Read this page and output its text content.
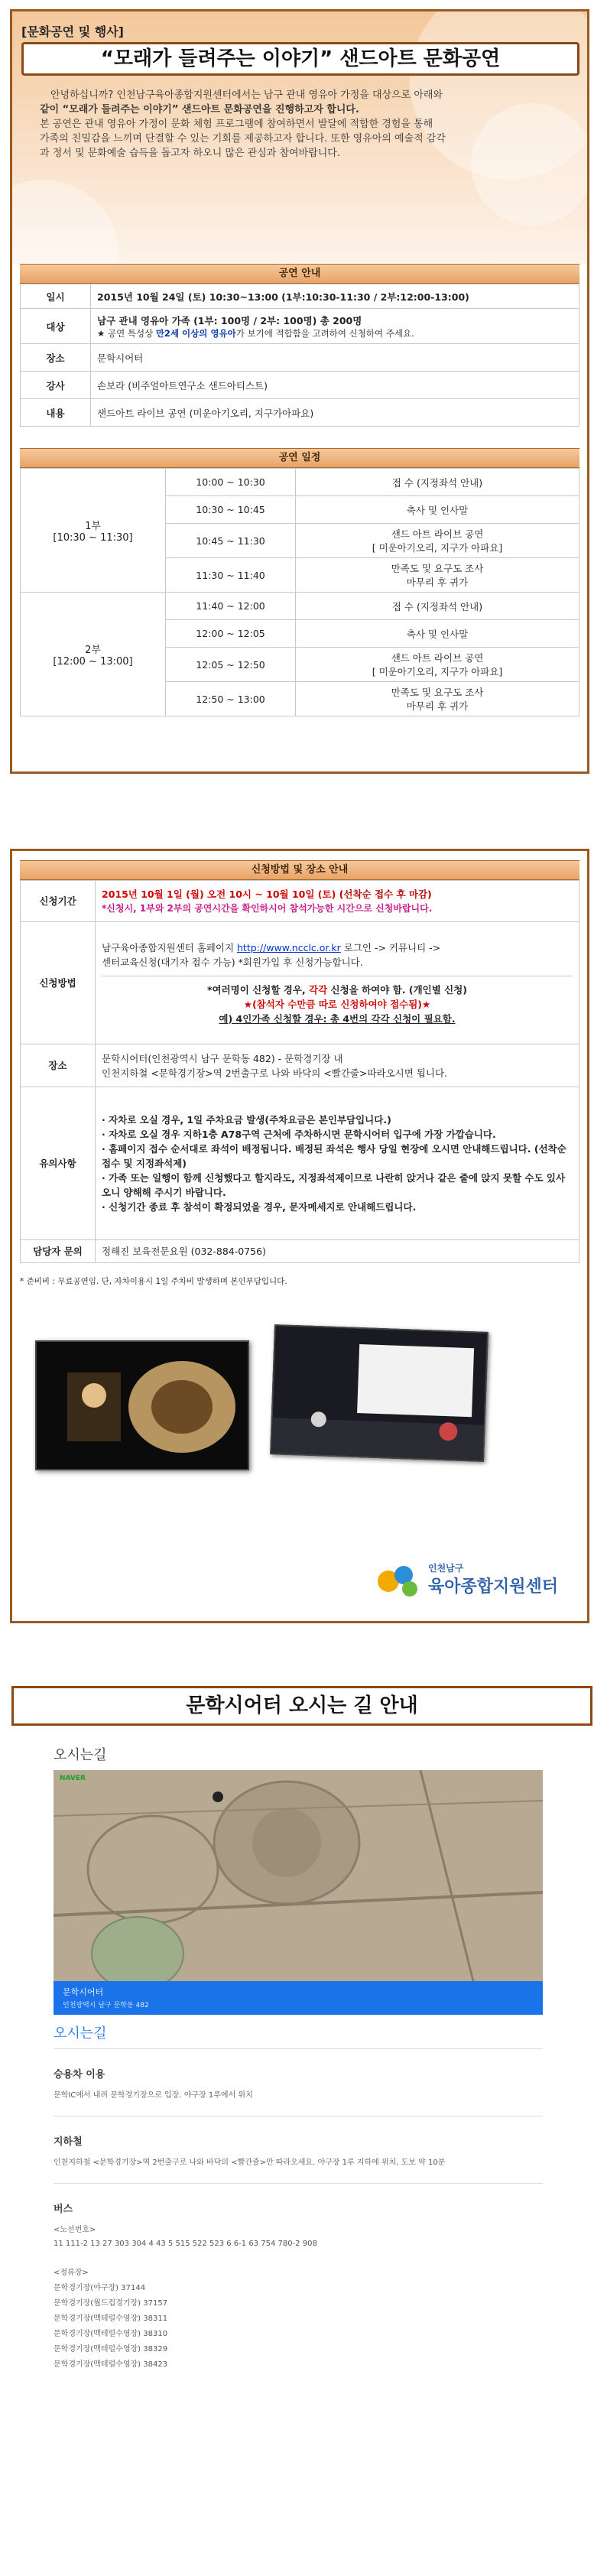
[문화공연 및 행사]
“모래가 들려주는 이야기” 샌드아트 문화공연

안녕하십니까? 인천남구육아종합지원센터에서는 남구 관내 영유아 가정을 대상으로 아래와

같이 “모래가 들려주는 이야기” 샌드아트 문화공연을 진행하고자 합니다.
본 공연은 관내 영유아 가정이 문화 체험 프로그램에 참여하면서 발달에 적합한 경험을 통해
가족의 친밀감을 느끼며 단결할 수 있는 기회를 제공하고자 합니다. 또한 영유아의 예술적 감각
과 정서 및 문화예술 습득을 돕고자 하오니 많은 관심과 참여바랍니다.
공연 안내
일시	2015년 10월 24일 (토) 10:30~13:00 (1부:10:30-11:30 / 2부:12:00-13:00)
대상	남구 관내 영유아 가족 (1부: 100명 / 2부: 100명) 총 200명
★ 공연 특성상 만2세 이상의 영유아가 보기에 적합함을 고려하여 신청하여 주세요.

장소	문학시어터
강사	손보라 (비주얼아트연구소 샌드아티스트)
내용	샌드아트 라이브 공연 (미운아기오리, 지구가아파요)
공연 일정
1부
[10:30 ~ 11:30]	10:00 ~ 10:30	접 수 (지정좌석 안내)
	10:30 ~ 10:45	축사 및 인사말
	10:45 ~ 11:30	샌드 아트 라이브 공연
[ 미운아기오리, 지구가 아파요]

	11:30 ~ 11:40	만족도 및 요구도 조사
마무리 후 귀가

2부
[12:00 ~ 13:00]	11:40 ~ 12:00	접 수 (지정좌석 안내)
	12:00 ~ 12:05	축사 및 인사말
	12:05 ~ 12:50	샌드 아트 라이브 공연
[ 미운아기오리, 지구가 아파요]

	12:50 ~ 13:00	만족도 및 요구도 조사
마무리 후 귀가
신청방법 및 장소 안내
신청기간	2015년 10월 1일 (월) 오전 10시 ~ 10월 10일 (토) (선착순 접수 후 마감)
*신청시, 1부와 2부의 공연시간을 확인하시어 참석가능한 시간으로 신청바랍니다.

신청방법	남구육아종합지원센터 홈페이지 http://www.ncclc.or.kr 로그인 -> 커뮤니티 ->
센터교육신청(대기자 접수 가능) *회원가입 후 신청가능합니다.
*여러명이 신청할 경우, 각각 신청을 하여야 함. (개인별 신청)
★(참석자 수만큼 따로 신청하여야 접수됨)★
예) 4인가족 신청할 경우: 총 4번의 각각 신청이 필요함.

장소	문학시어터(인천광역시 남구 문학동 482) - 문학경기장 내
인천지하철 <문학경기장>역 2번출구로 나와 바닥의 <빨간줄>따라오시면 됩니다.

유의사항	· 자차로 오실 경우, 1일 주차요금 발생(주차요금은 본인부담입니다.)
· 자차로 오실 경우 지하1층 A78구역 근처에 주차하시면 문학시어터 입구에 가장 가깝습니다.
· 홈페이지 접수 순서대로 좌석이 배정됩니다. 배정된 좌석은 행사 당일 현장에 오시면 안내해드립니다. (선착순 접수 및 지정좌석제)
· 가족 또는 일행이 함께 신청했다고 할지라도, 지정좌석제이므로 나란히 앉거나 같은 줄에 앉지 못할 수도 있사오니 양해해 주시기 바랍니다.
· 신청기간 종료 후 참석이 확정되었을 경우, 문자메세지로 안내해드립니다.

담당자 문의	정해진 보육전문요원 (032-884-0756)
* 준비비 : 무료공연임. 단, 자차이용시 1일 주차비 발생하며 본인부담입니다.
인천남구
육아종합지원센터
문학시어터 오시는 길 안내
오시는길
NAVER
문학시어터
인천광역시 남구 문학동 482
오시는길
승용차 이용
문학IC에서 내려 문학경기장으로 입장. 야구장 1루에서 위치
지하철
인천지하철 <문학경기장>역 2번출구로 나와 바닥의 <빨간줄>만 따라오세요. 야구장 1루 지하에 위치, 도보 약 10분
버스
<노선번호>
11 111-2 13 27 303 304 4 43 5 515 522 523 6 6-1 63 754 780-2 908
<정류장>
문학경기장(야구장) 37144
문학경기장(월드컵경기장) 37157
문학경기장(맥테럴수영장) 38311
문학경기장(맥테럴수영장) 38310
문학경기장(맥테럴수영장) 38329
문학경기장(맥테럴수영장) 38423
